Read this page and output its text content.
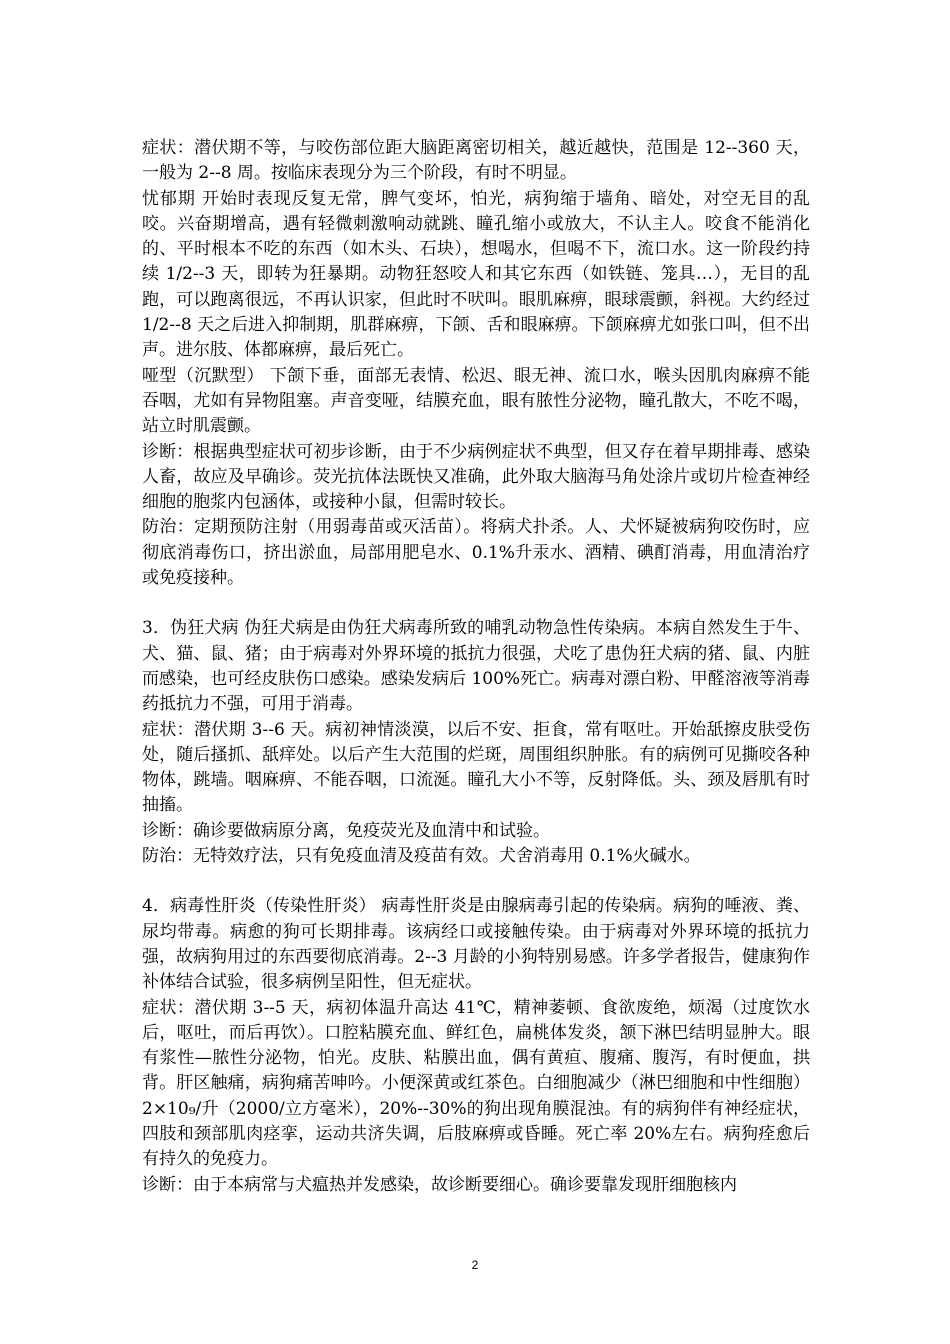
症状：潜伏期不等，与咬伤部位距大脑距离密切相关，越近越快，范围是 12--360 天，一般为 2--8 周。按临床表现分为三个阶段，有时不明显。

忧郁期 开始时表现反复无常，脾气变坏，怕光，病狗缩于墙角、暗处，对空无目的乱咬。兴奋期增高，遇有轻微刺激响动就跳、瞳孔缩小或放大，不认主人。咬食不能消化的、平时根本不吃的东西（如木头、石块），想喝水，但喝不下，流口水。这一阶段约持续 1/2--3 天，即转为狂暴期。动物狂怒咬人和其它东西（如铁链、笼具…），无目的乱跑，可以跑离很远，不再认识家，但此时不吠叫。眼肌麻痹，眼球震颤，斜视。大约经过 1/2--8 天之后进入抑制期，肌群麻痹，下颌、舌和眼麻痹。下颌麻痹尤如张口叫，但不出声。进尔肢、体都麻痹，最后死亡。

哑型（沉默型） 下颌下垂，面部无表情、松迟、眼无神、流口水，喉头因肌肉麻痹不能吞咽，尤如有异物阻塞。声音变哑，结膜充血，眼有脓性分泌物，瞳孔散大，不吃不喝，站立时肌震颤。

诊断：根据典型症状可初步诊断，由于不少病例症状不典型，但又存在着早期排毒、感染人畜，故应及早确诊。荧光抗体法既快又准确，此外取大脑海马角处涂片或切片检查神经细胞的胞浆内包涵体，或接种小鼠，但需时较长。

防治：定期预防注射（用弱毒苗或灭活苗）。将病犬扑杀。人、犬怀疑被病狗咬伤时，应彻底消毒伤口，挤出淤血，局部用肥皂水、0.1%升汞水、酒精、碘酊消毒，用血清治疗或免疫接种。

3．伪狂犬病 伪狂犬病是由伪狂犬病毒所致的哺乳动物急性传染病。本病自然发生于牛、犬、猫、鼠、猪；由于病毒对外界环境的抵抗力很强，犬吃了患伪狂犬病的猪、鼠、内脏而感染，也可经皮肤伤口感染。感染发病后 100%死亡。病毒对漂白粉、甲醛溶液等消毒药抵抗力不强，可用于消毒。

症状：潜伏期 3--6 天。病初神情淡漠，以后不安、拒食，常有呕吐。开始舐擦皮肤受伤处，随后搔抓、舐痒处。以后产生大范围的烂斑，周围组织肿胀。有的病例可见撕咬各种物体，跳墙。咽麻痹、不能吞咽，口流涎。瞳孔大小不等，反射降低。头、颈及唇肌有时抽搐。

诊断：确诊要做病原分离，免疫荧光及血清中和试验。

防治：无特效疗法，只有免疫血清及疫苗有效。犬舍消毒用 0.1%火碱水。

4．病毒性肝炎（传染性肝炎） 病毒性肝炎是由腺病毒引起的传染病。病狗的唾液、粪、尿均带毒。病愈的狗可长期排毒。该病经口或接触传染。由于病毒对外界环境的抵抗力强，故病狗用过的东西要彻底消毒。2--3 月龄的小狗特别易感。许多学者报告，健康狗作补体结合试验，很多病例呈阳性，但无症状。

症状：潜伏期 3--5 天，病初体温升高达 41℃，精神萎顿、食欲废绝，烦渴（过度饮水后，呕吐，而后再饮）。口腔粘膜充血、鲜红色，扁桃体发炎，颔下淋巴结明显肿大。眼有浆性—脓性分泌物，怕光。皮肤、粘膜出血，偶有黄疸、腹痛、腹泻，有时便血，拱背。肝区触痛，病狗痛苦呻吟。小便深黄或红茶色。白细胞减少（淋巴细胞和中性细胞）2×10₉/升（2000/立方毫米），20%--30%的狗出现角膜混浊。有的病狗伴有神经症状，四肢和颈部肌肉痉挛，运动共济失调，后肢麻痹或昏睡。死亡率 20%左右。病狗痊愈后有持久的免疫力。

诊断：由于本病常与犬瘟热并发感染，故诊断要细心。确诊要靠发现肝细胞核内

2
